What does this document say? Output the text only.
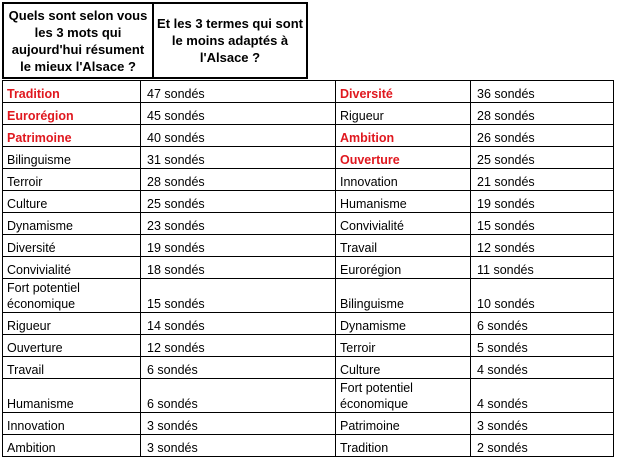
Quels sont selon vous
les 3 mots qui
aujourd'hui résument
le mieux l'Alsace ?
Et les 3 termes qui sont
le moins adaptés à
l'Alsace ?
Tradition	47 sondés	Diversité	36 sondés
Eurorégion	45 sondés	Rigueur	28 sondés
Patrimoine	40 sondés	Ambition	26 sondés
Bilinguisme	31 sondés	Ouverture	25 sondés
Terroir	28 sondés	Innovation	21 sondés
Culture	25 sondés	Humanisme	19 sondés
Dynamisme	23 sondés	Convivialité	15 sondés
Diversité	19 sondés	Travail	12 sondés
Convivialité	18 sondés	Eurorégion	11 sondés
Fort potentiel
économique	15 sondés	Bilinguisme	10 sondés
Rigueur	14 sondés	Dynamisme	6 sondés
Ouverture	12 sondés	Terroir	5 sondés
Travail	6 sondés	Culture	4 sondés
Humanisme	6 sondés	Fort potentiel
économique	4 sondés
Innovation	3 sondés	Patrimoine	3 sondés
Ambition	3 sondés	Tradition	2 sondés
